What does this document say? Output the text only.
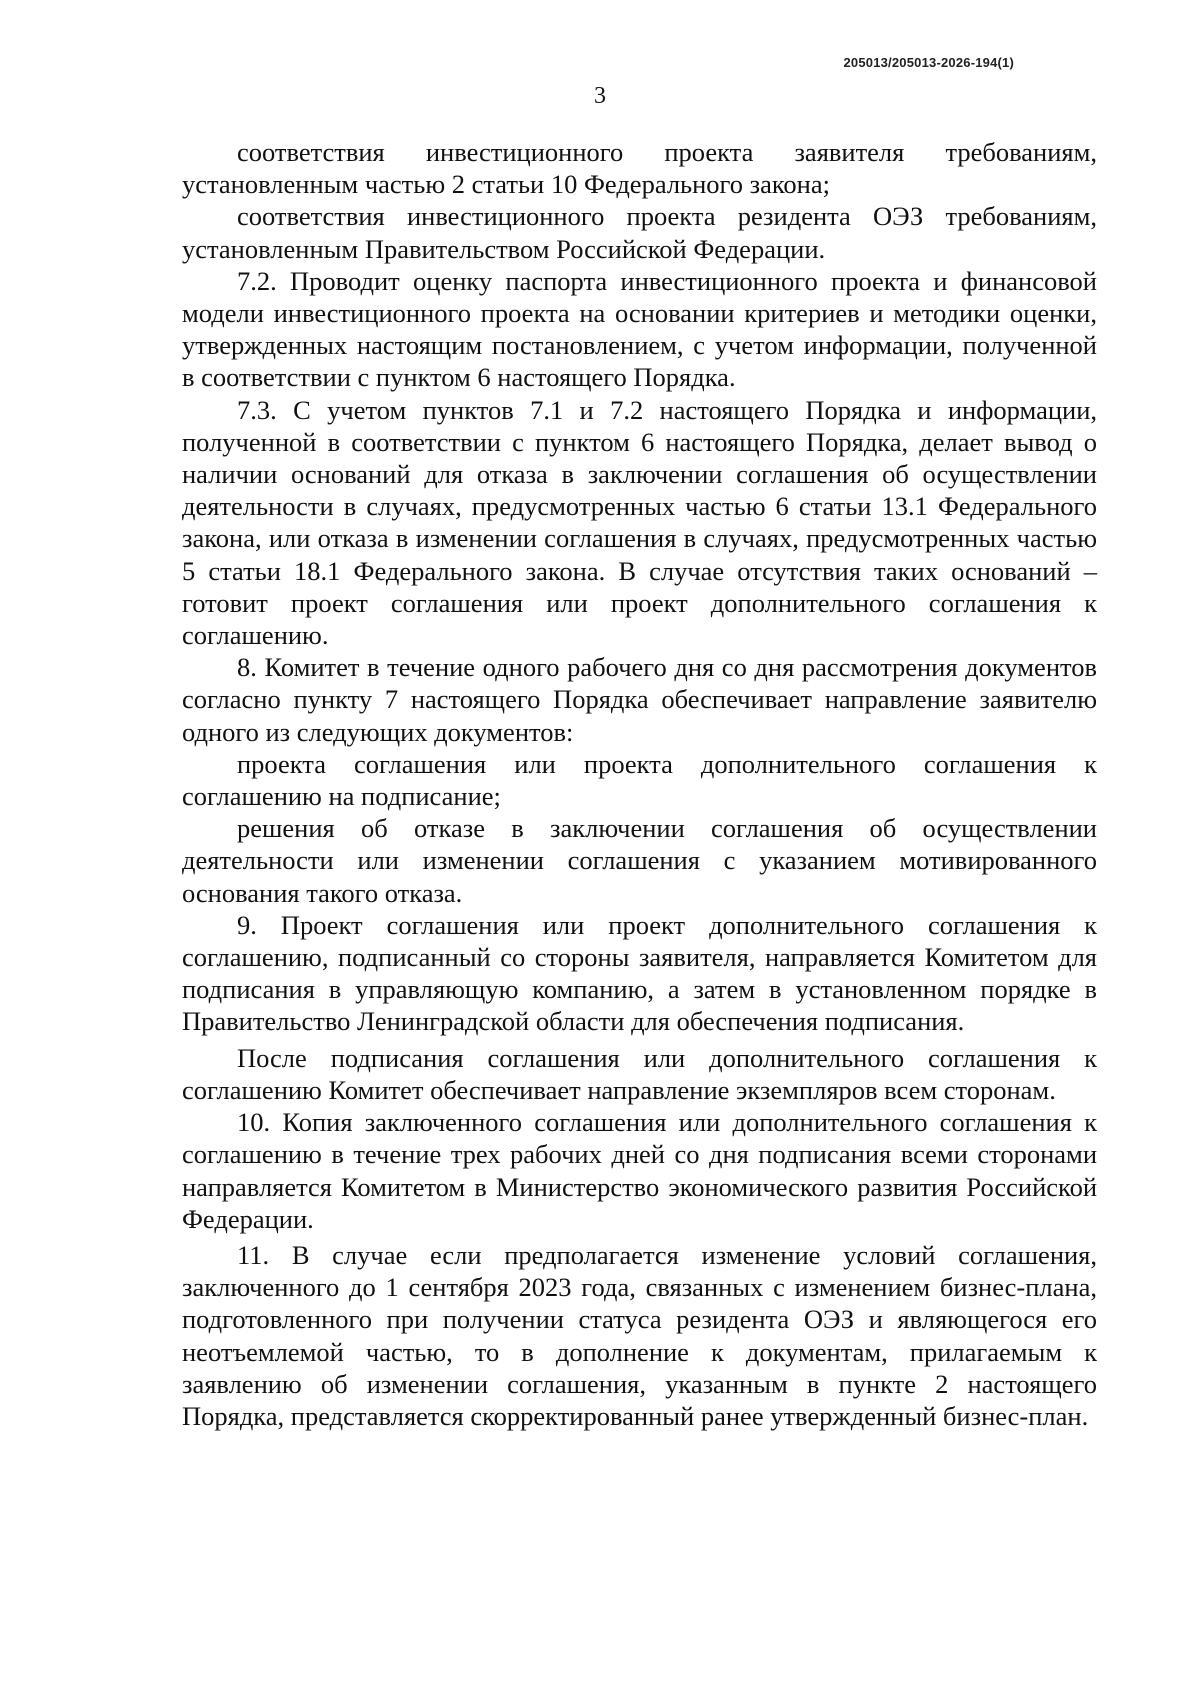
205013/205013-2026-194(1)
3

соответствия инвестиционного проекта заявителя требованиям, установленным частью 2 статьи 10 Федерального закона;

соответствия инвестиционного проекта резидента ОЭЗ требованиям, установленным Правительством Российской Федерации.

7.2. Проводит оценку паспорта инвестиционного проекта и финансовой модели инвестиционного проекта на основании критериев и методики оценки, утвержденных настоящим постановлением, с учетом информации, полученной в соответствии с пунктом 6 настоящего Порядка.

7.3. С учетом пунктов 7.1 и 7.2 настоящего Порядка и информации, полученной в соответствии с пунктом 6 настоящего Порядка, делает вывод о наличии оснований для отказа в заключении соглашения об осуществлении деятельности в случаях, предусмотренных частью 6 статьи 13.1 Федерального закона, или отказа в изменении соглашения в случаях, предусмотренных частью 5 статьи 18.1 Федерального закона. В случае отсутствия таких оснований – готовит проект соглашения или проект дополнительного соглашения к соглашению.

8. Комитет в течение одного рабочего дня со дня рассмотрения документов согласно пункту 7 настоящего Порядка обеспечивает направление заявителю одного из следующих документов:

проекта соглашения или проекта дополнительного соглашения к соглашению на подписание;

решения об отказе в заключении соглашения об осуществлении деятельности или изменении соглашения с указанием мотивированного основания такого отказа.

9. Проект соглашения или проект дополнительного соглашения к соглашению, подписанный со стороны заявителя, направляется Комитетом для подписания в управляющую компанию, а затем в установленном порядке в Правительство Ленинградской области для обеспечения подписания.

После подписания соглашения или дополнительного соглашения к соглашению Комитет обеспечивает направление экземпляров всем сторонам.

10. Копия заключенного соглашения или дополнительного соглашения к соглашению в течение трех рабочих дней со дня подписания всеми сторонами направляется Комитетом в Министерство экономического развития Российской Федерации.

11. В случае если предполагается изменение условий соглашения, заключенного до 1 сентября 2023 года, связанных с изменением бизнес-плана, подготовленного при получении статуса резидента ОЭЗ и являющегося его неотъемлемой частью, то в дополнение к документам, прилагаемым к заявлению об изменении соглашения, указанным в пункте 2 настоящего Порядка, представляется скорректированный ранее утвержденный бизнес-план.
